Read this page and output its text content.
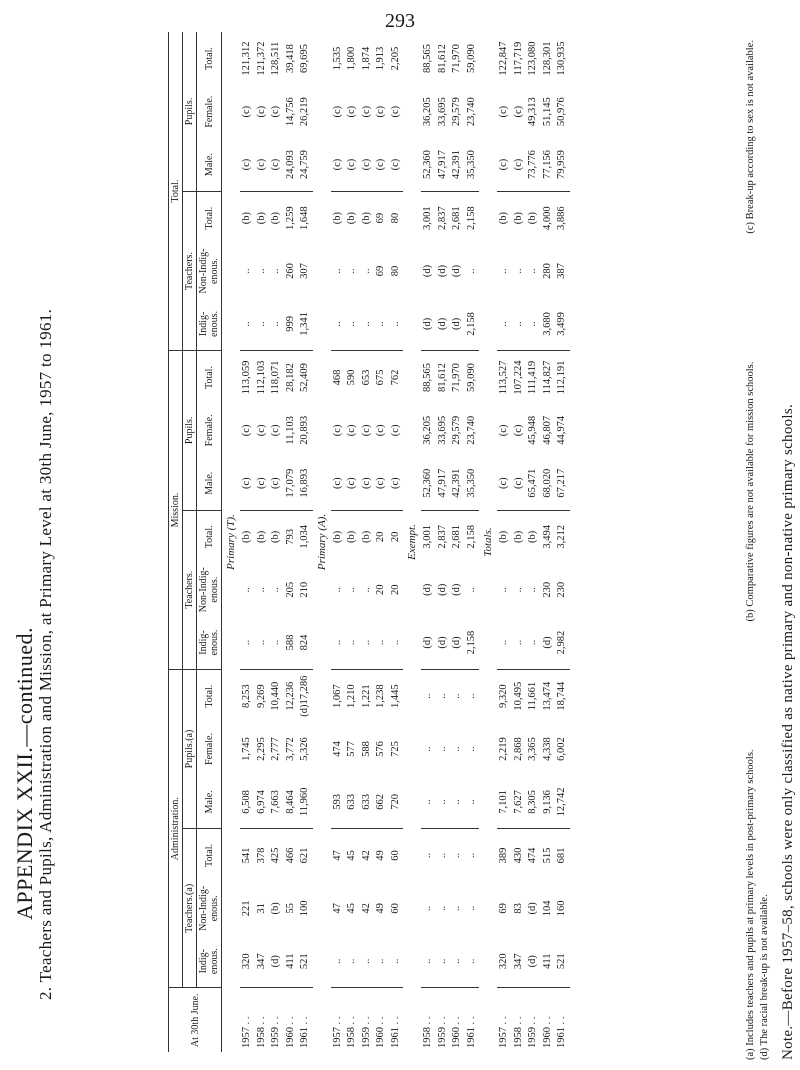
293
APPENDIX XXII.—continued. 2. Teachers and Pupils, Administration and Mission, at Primary Level at 30th June, 1957 to 1961.
At 30th June.	Administration.						Mission.						Total.					
	Teachers.(a)			Pupils.(a)			Teachers.			Pupils.			Teachers.			Pupils.		
	Indig-enous.	Non-Indig-enous.	Total.	Male.	Female.	Total.	Indig-enous.	Non-Indig-enous.	Total.	Male.	Female.	Total.	Indig-enous.	Non-Indig-enous.	Total.	Male.	Female.	Total.
Primary (T).																		
1957 . .	320	221	541	6,508	1,745	8,253	..	..	(b)	(c)	(c)	113,059	..	..	(b)	(c)	(c)	121,312
1958 . .	347	31	378	6,974	2,295	9,269	..	..	(b)	(c)	(c)	112,103	..	..	(b)	(c)	(c)	121,372
1959 . .	(d)	(b)	425	7,663	2,777	10,440	..	..	(b)	(c)	(c)	118,071	..	..	(b)	(c)	(c)	128,511
1960 . .	411	55	466	8,464	3,772	12,236	588	205	793	17,079	11,103	28,182	999	260	1,259	24,093	14,756	39,418
1961 . .	521	100	621	11,960	5,326	(d)17,286	824	210	1,034	16,893	20,893	52,409	1,341	307	1,648	24,759	26,219	69,695
Primary (A).																		
1957 . .	..	47	47	593	474	1,067	..	..	(b)	(c)	(c)	468	..	..	(b)	(c)	(c)	1,535
1958 . .	..	45	45	633	577	1,210	..	..	(b)	(c)	(c)	590	..	..	(b)	(c)	(c)	1,800
1959 . .	..	42	42	633	588	1,221	..	..	(b)	(c)	(c)	653	..	..	(b)	(c)	(c)	1,874
1960 . .	..	49	49	662	576	1,238	..	20	20	(c)	(c)	675	..	69	69	(c)	(c)	1,913
1961 . .	..	60	60	720	725	1,445	..	20	20	(c)	(c)	762	..	80	80	(c)	(c)	2,205
Exempt.																		
1958 . .	..	..	..	..	..	..	(d)	(d)	3,001	52,360	36,205	88,565	(d)	(d)	3,001	52,360	36,205	88,565
1959 . .	..	..	..	..	..	..	(d)	(d)	2,837	47,917	33,695	81,612	(d)	(d)	2,837	47,917	33,695	81,612
1960 . .	..	..	..	..	..	..	(d)	(d)	2,681	42,391	29,579	71,970	(d)	(d)	2,681	42,391	29,579	71,970
1961 . .	..	..	..	..	..	..	2,158	..	2,158	35,350	23,740	59,090	2,158	..	2,158	35,350	23,740	59,090
Totals.																		
1957 . .	320	69	389	7,101	2,219	9,320	..	..	(b)	(c)	(c)	113,527	..	..	(b)	(c)	(c)	122,847
1958 . .	347	83	430	7,627	2,868	10,495	..	..	(b)	(c)	(c)	107,224	..	..	(b)	(c)	(c)	117,719
1959 . .	(d)	(d)	474	8,305	3,365	11,661	..	..	(b)	65,471	45,948	111,419	..	..	(b)	73,776	49,313	123,080
1960 . .	411	104	515	9,136	4,338	13,474	(d)	230	3,494	68,020	46,807	114,827	3,680	280	4,000	77,156	51,145	128,301
1961 . .	521	160	681	12,742	6,002	18,744	2,982	230	3,212	67,217	44,974	112,191	3,499	387	3,886	79,959	50,976	130,935
(a) Includes teachers and pupils at primary levels in post-primary schools.
(b) Comparative figures are not available for mission schools.
(c) Break-up according to sex is not available.
(d) The racial break-up is not available. Note.—Before 1957–58, schools were only classified as native primary and non-native primary schools.
